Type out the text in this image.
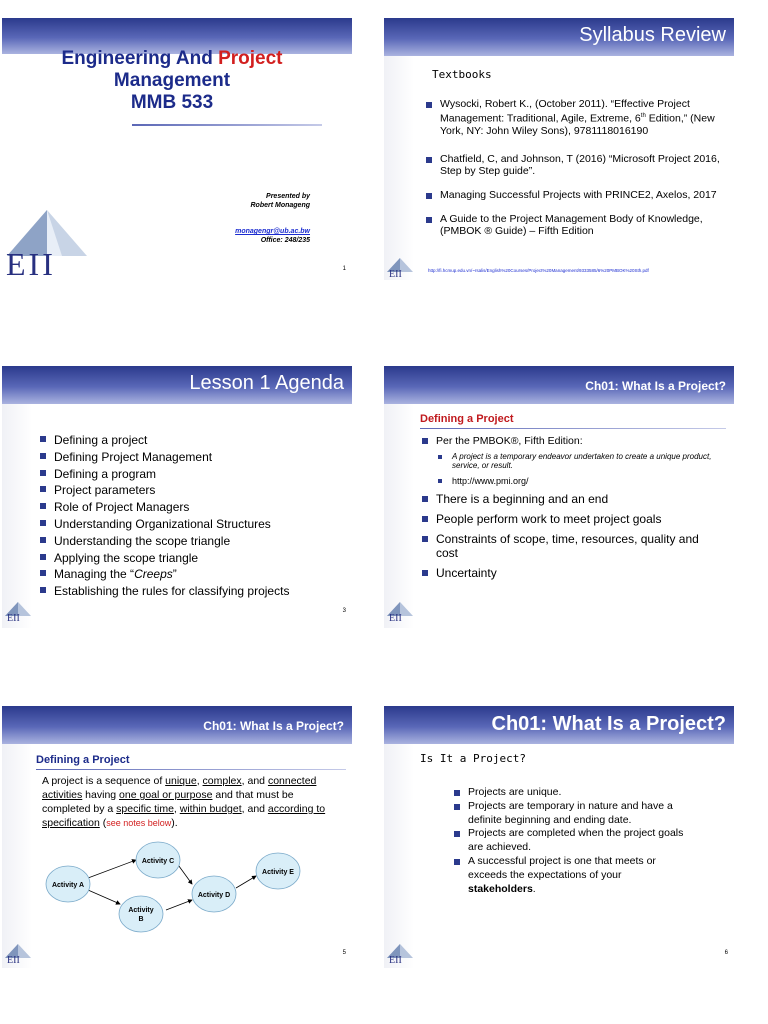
Engineering And Project
Management
MMB 533
Presented by
Robert Monageng
monagengr@ub.ac.bw
Office: 248/235
EII	1
Syllabus Review
Textbooks
Wysocki, Robert K., (October 2011). “Effective Project Management: Traditional, Agile, Extreme, 6th Edition,” (New York, NY: John Wiley Sons), 9781118016190
Chatfield, C, and Johnson, T (2016) “Microsoft Project 2016, Step by Step guide”.
Managing Successful Projects with PRINCE2, Axelos, 2017
A Guide to the Project Management Body of Knowledge, (PMBOK ® Guide) – Fifth Edition
http://fi.hcmup.edu.vn/~rsalis/English%20Courses/Project%20Management/9333585/6%20PMBOK%20Sth.pdf
EII
Lesson 1 Agenda
Defining a project
Defining Project Management
Defining a program
Project parameters
Role of Project Managers
Understanding Organizational Structures
Understanding the scope triangle
Applying the scope triangle
Managing the “Creeps”
Establishing the rules for classifying projects
EII
3
Ch01: What Is a Project?
Defining a Project
Per the PMBOK®, Fifth Edition:
A project is a temporary endeavor undertaken to create a unique product, service, or result.
http://www.pmi.org/
There is a beginning and an end
People perform work to meet project goals
Constraints of scope, time, resources, quality and cost
Uncertainty
EII
Ch01: What Is a Project?
Defining a Project
A project is a sequence of unique, complex, and connected activities having one goal or purpose and that must be completed by a specific time, within budget, and according to specification (see notes below).
Activity A
Activity C
Activity
B
Activity D
Activity E
EII
5
Ch01: What Is a Project?
Is It a Project?
Projects are unique.
Projects are temporary in nature and have a definite beginning and ending date.
Projects are completed when the project goals are achieved.
A successful project is one that meets or exceeds the expectations of your stakeholders.
EII
6
